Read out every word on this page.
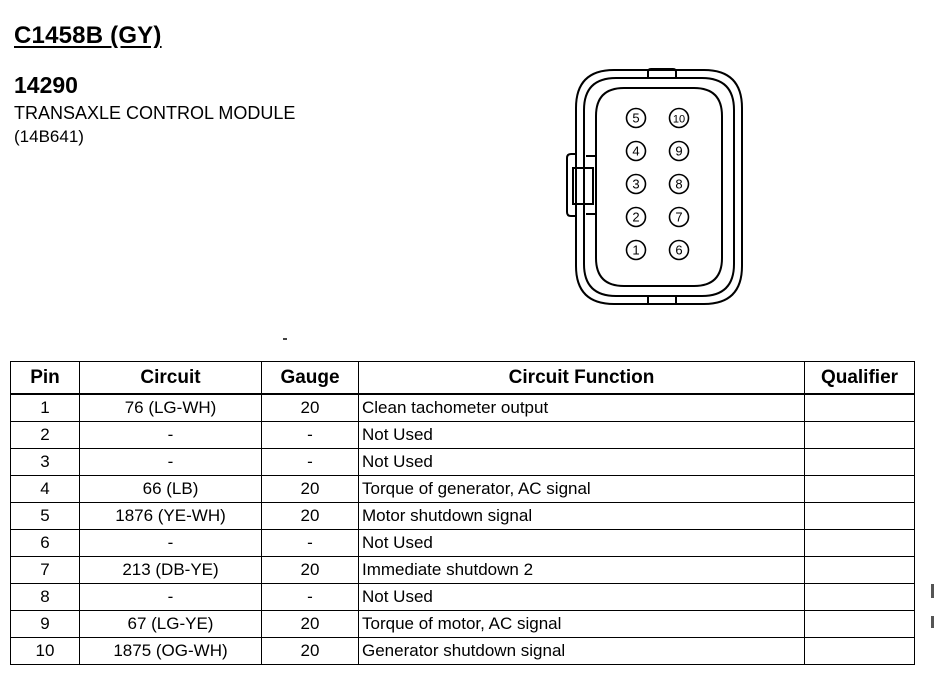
C1458B (GY)
14290
TRANSAXLE CONTROL MODULE
(14B641)
5
4
3
2
1
10
9
8
7
6
Pin	Circuit	Gauge	Circuit Function	Qualifier
1	76 (LG-WH)	20	Clean tachometer output	
2	-	-	Not Used	
3	-	-	Not Used	
4	66 (LB)	20	Torque of generator, AC signal	
5	1876 (YE-WH)	20	Motor shutdown signal	
6	-	-	Not Used	
7	213 (DB-YE)	20	Immediate shutdown 2	
8	-	-	Not Used	
9	67 (LG-YE)	20	Torque of motor, AC signal	
10	1875 (OG-WH)	20	Generator shutdown signal	
